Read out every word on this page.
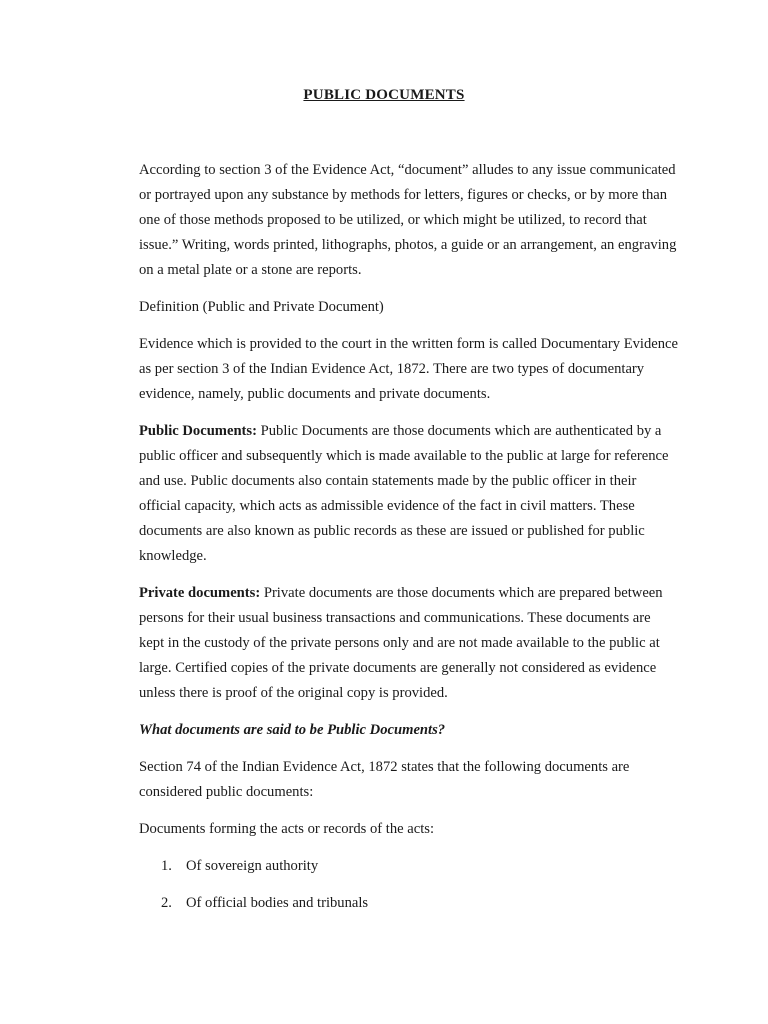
PUBLIC DOCUMENTS

According to section 3 of the Evidence Act, “document” alludes to any issue communicated or portrayed upon any substance by methods for letters, figures or checks, or by more than one of those methods proposed to be utilized, or which might be utilized, to record that issue.” Writing, words printed, lithographs, photos, a guide or an arrangement, an engraving on a metal plate or a stone are reports.

Definition (Public and Private Document)

Evidence which is provided to the court in the written form is called Documentary Evidence as per section 3 of the Indian Evidence Act, 1872. There are two types of documentary evidence, namely, public documents and private documents.

Public Documents: Public Documents are those documents which are authenticated by a public officer and subsequently which is made available to the public at large for reference and use. Public documents also contain statements made by the public officer in their official capacity, which acts as admissible evidence of the fact in civil matters. These documents are also known as public records as these are issued or published for public knowledge.

Private documents: Private documents are those documents which are prepared between persons for their usual business transactions and communications. These documents are kept in the custody of the private persons only and are not made available to the public at large. Certified copies of the private documents are generally not considered as evidence unless there is proof of the original copy is provided.

What documents are said to be Public Documents?

Section 74 of the Indian Evidence Act, 1872 states that the following documents are considered public documents:

Documents forming the acts or records of the acts:

1. Of sovereign authority
2. Of official bodies and tribunals
